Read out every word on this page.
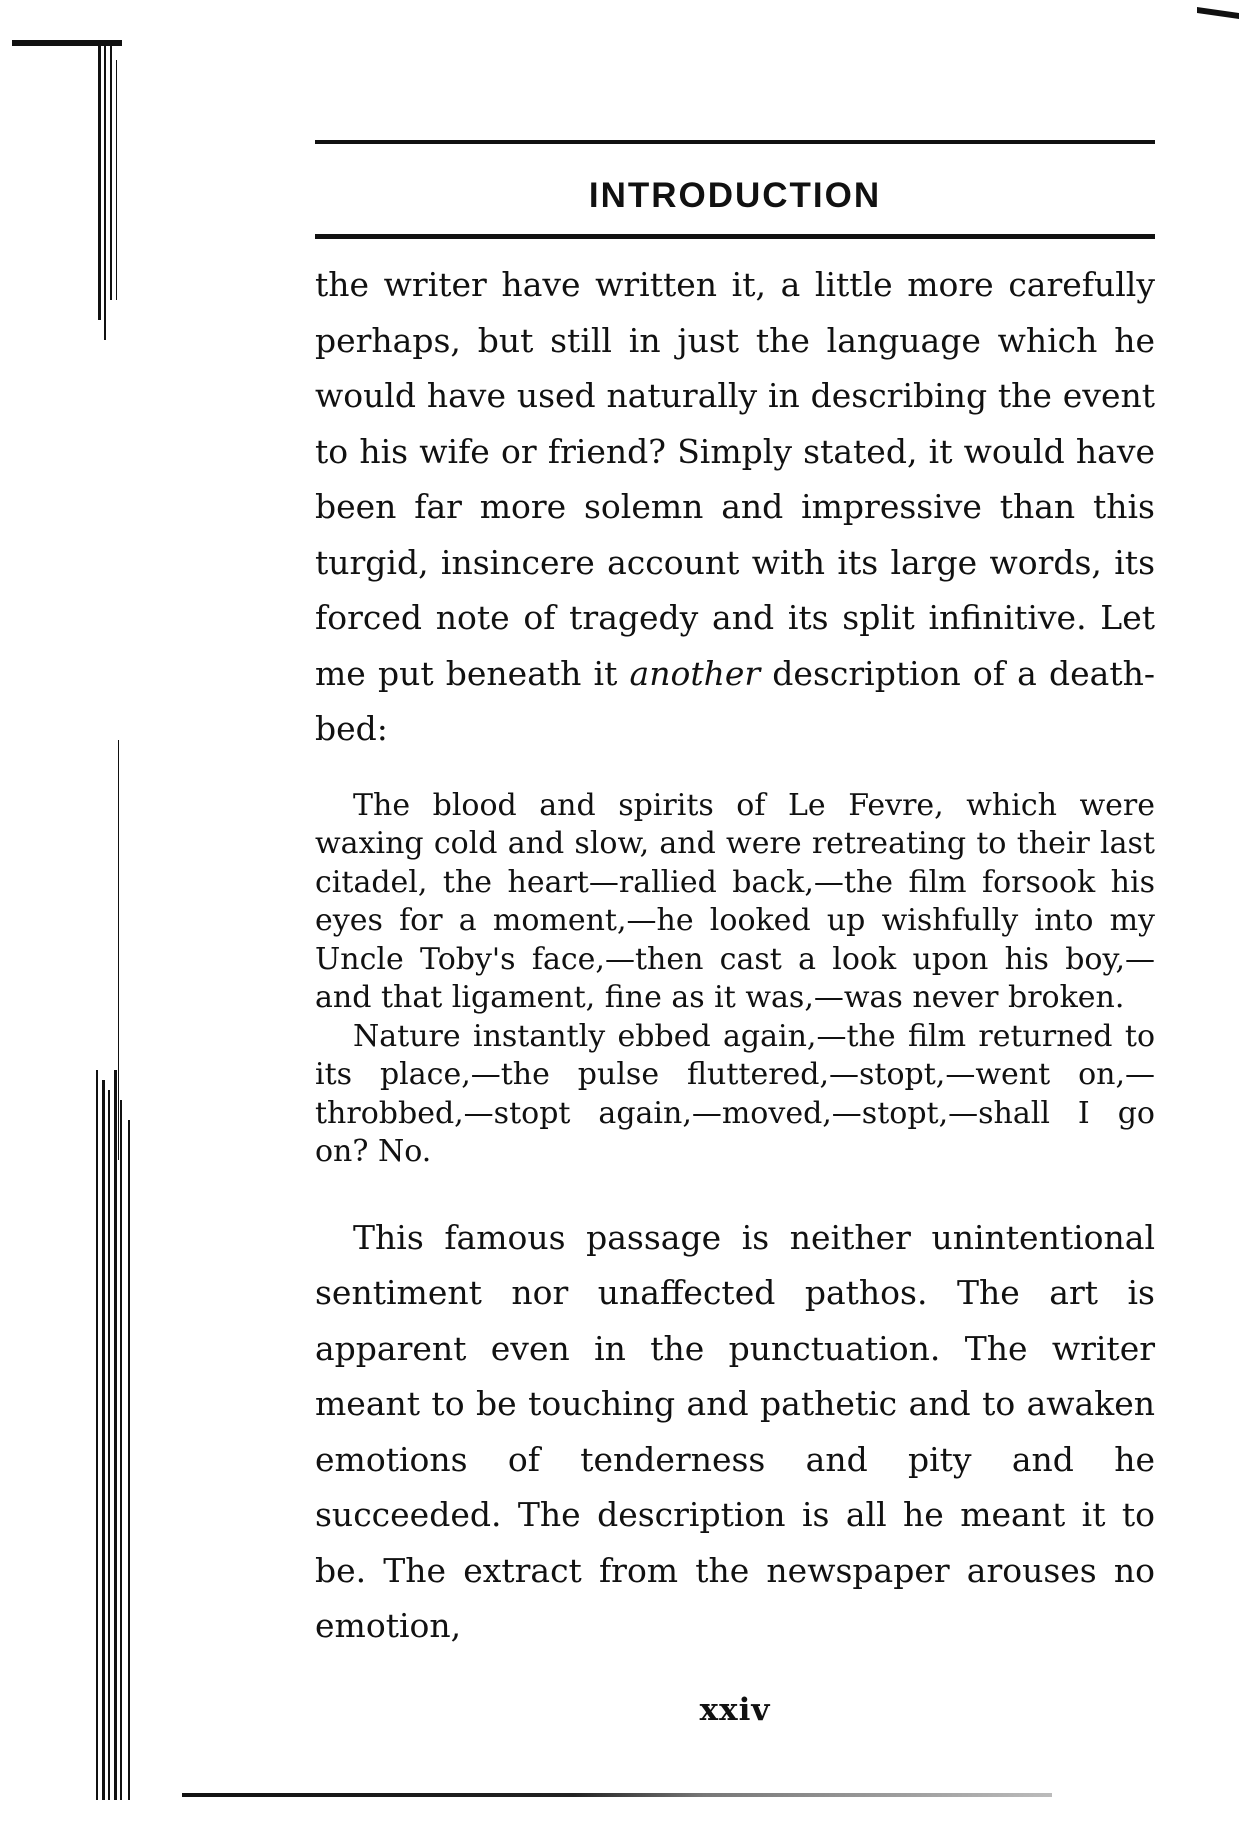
INTRODUCTION

the writer have written it, a little more carefully perhaps, but still in just the language which he would have used naturally in describing the event to his wife or friend? Simply stated, it would have been far more solemn and impressive than this turgid, insincere account with its large words, its forced note of tragedy and its split infinitive. Let me put beneath it another description of a death-bed:

The blood and spirits of Le Fevre, which were waxing cold and slow, and were retreating to their last citadel, the heart—rallied back,—the film forsook his eyes for a moment,—he looked up wishfully into my Uncle Toby's face,—then cast a look upon his boy,—and that ligament, fine as it was,—was never broken.

Nature instantly ebbed again,—the film returned to its place,—the pulse fluttered,—stopt,—went on,—throbbed,—stopt again,—moved,—stopt,—shall I go on? No.

This famous passage is neither unintentional sentiment nor unaffected pathos. The art is apparent even in the punctuation. The writer meant to be touching and pathetic and to awaken emotions of tenderness and pity and he succeeded. The description is all he meant it to be. The extract from the newspaper arouses no emotion,

xxiv
